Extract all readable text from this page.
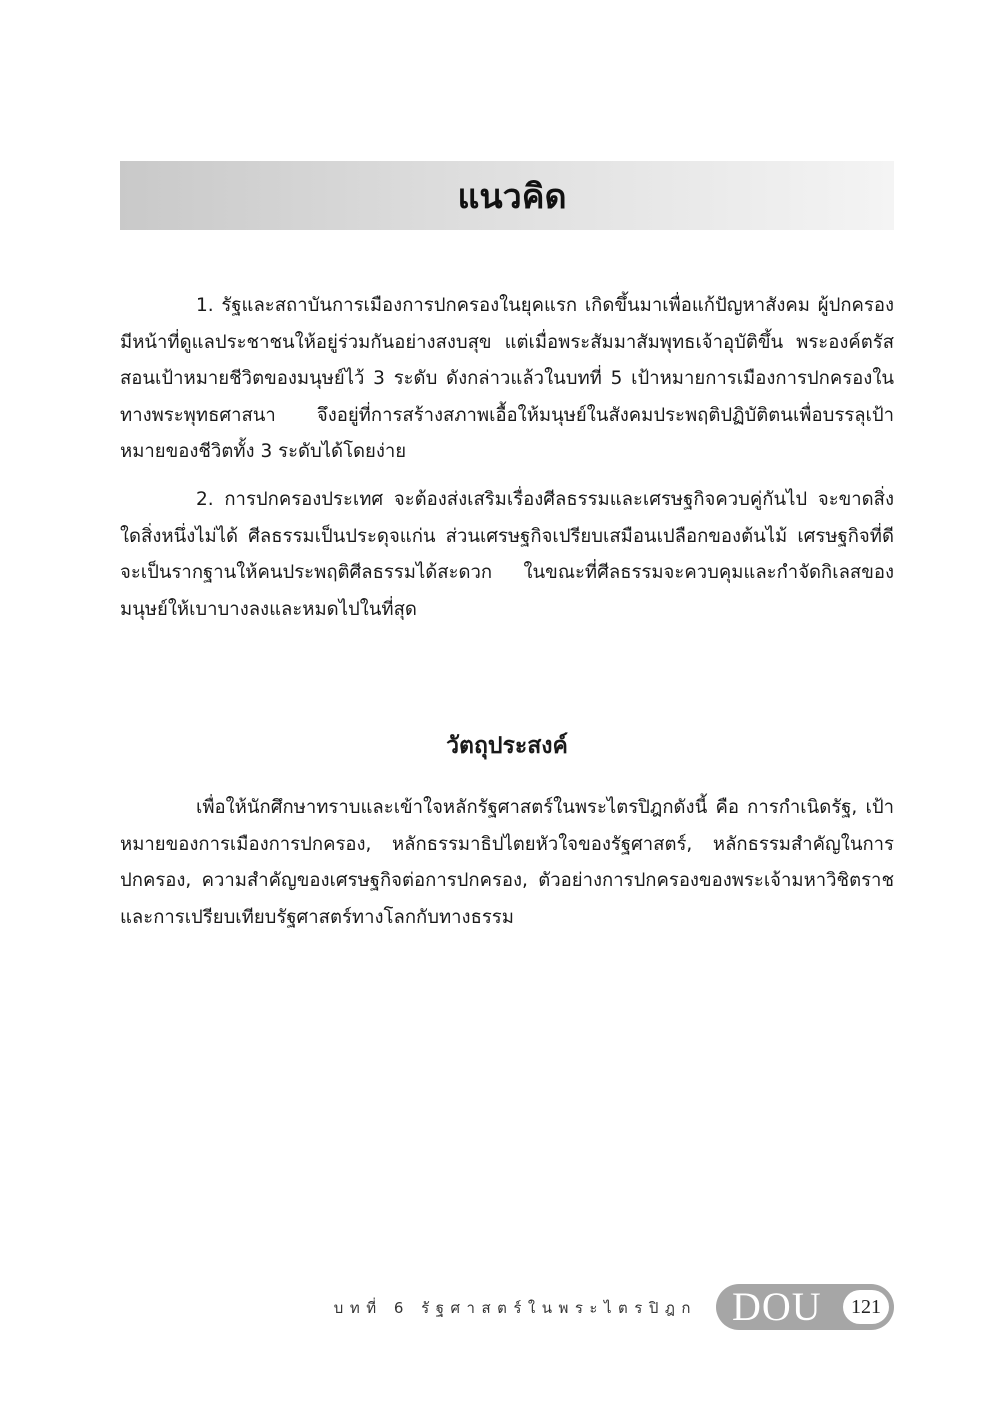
แนวคิด

1. รัฐและสถาบันการเมืองการปกครองในยุคแรก เกิดขึ้นมาเพื่อแก้ปัญหาสังคม ผู้ปกครองมีหน้าที่ดูแลประชาชนให้อยู่ร่วมกันอย่างสงบสุข แต่เมื่อพระสัมมาสัมพุทธเจ้าอุบัติขึ้น พระองค์ตรัสสอนเป้าหมายชีวิตของมนุษย์ไว้ 3 ระดับ ดังกล่าวแล้วในบทที่ 5 เป้าหมายการเมืองการปกครองในทางพระพุทธศาสนา จึงอยู่ที่การสร้างสภาพเอื้อให้มนุษย์ในสังคมประพฤติปฏิบัติตนเพื่อบรรลุเป้าหมายของชีวิตทั้ง 3 ระดับได้โดยง่าย

2. การปกครองประเทศ จะต้องส่งเสริมเรื่องศีลธรรมและเศรษฐกิจควบคู่กันไป จะขาดสิ่งใดสิ่งหนึ่งไม่ได้ ศีลธรรมเป็นประดุจแก่น ส่วนเศรษฐกิจเปรียบเสมือนเปลือกของต้นไม้ เศรษฐกิจที่ดีจะเป็นรากฐานให้คนประพฤติศีลธรรมได้สะดวก ในขณะที่ศีลธรรมจะควบคุมและกำจัดกิเลสของมนุษย์ให้เบาบางลงและหมดไปในที่สุด

วัตถุประสงค์

เพื่อให้นักศึกษาทราบและเข้าใจหลักรัฐศาสตร์ในพระไตรปิฎกดังนี้ คือ การกำเนิดรัฐ, เป้าหมายของการเมืองการปกครอง, หลักธรรมาธิปไตยหัวใจของรัฐศาสตร์, หลักธรรมสำคัญในการปกครอง, ความสำคัญของเศรษฐกิจต่อการปกครอง, ตัวอย่างการปกครองของพระเจ้ามหาวิชิตราช และการเปรียบเทียบรัฐศาสตร์ทางโลกกับทางธรรม

บทที่ 6 รัฐศาสตร์ในพระไตรปิฎก DOU	121
